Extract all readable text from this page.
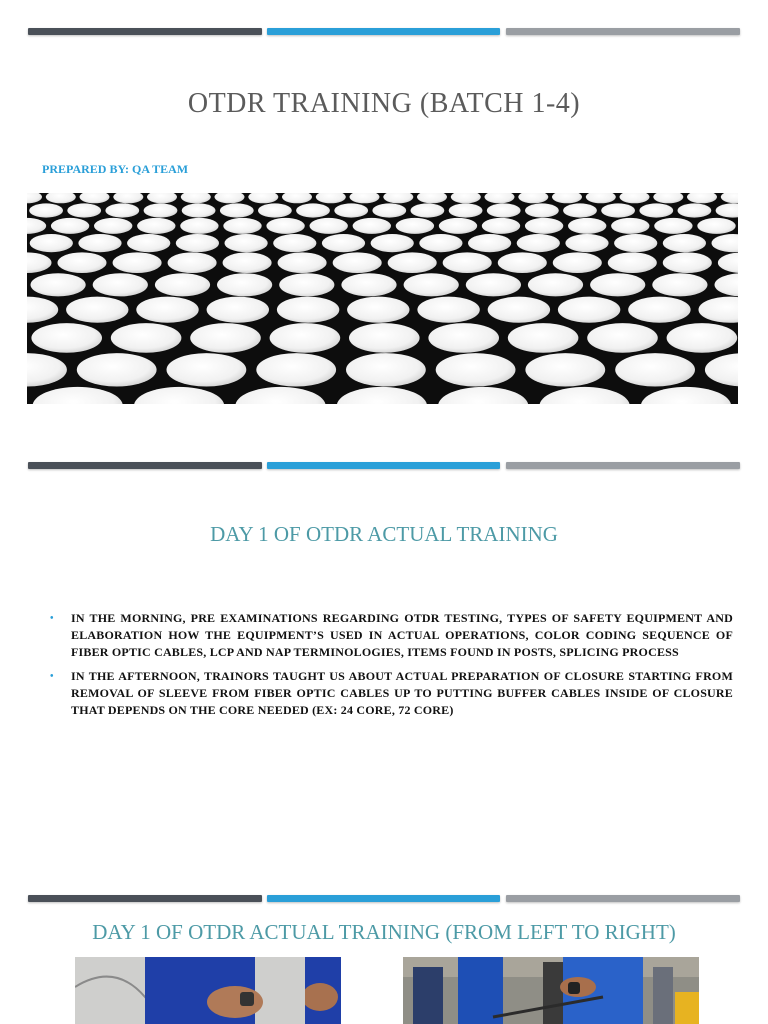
OTDR TRAINING (BATCH 1-4)
PREPARED BY: QA TEAM
DAY 1 OF OTDR ACTUAL TRAINING
• IN THE MORNING, PRE EXAMINATIONS REGARDING OTDR TESTING, TYPES OF SAFETY EQUIPMENT AND ELABORATION HOW THE EQUIPMENT’S USED IN ACTUAL OPERATIONS, COLOR CODING SEQUENCE OF FIBER OPTIC CABLES, LCP AND NAP TERMINOLOGIES, ITEMS FOUND IN POSTS, SPLICING PROCESS
• IN THE AFTERNOON, TRAINORS TAUGHT US ABOUT ACTUAL PREPARATION OF CLOSURE STARTING FROM REMOVAL OF SLEEVE FROM FIBER OPTIC CABLES UP TO PUTTING BUFFER CABLES INSIDE OF CLOSURE THAT DEPENDS ON THE CORE NEEDED (EX: 24 CORE, 72 CORE)
DAY 1 OF OTDR ACTUAL TRAINING (FROM LEFT TO RIGHT)
